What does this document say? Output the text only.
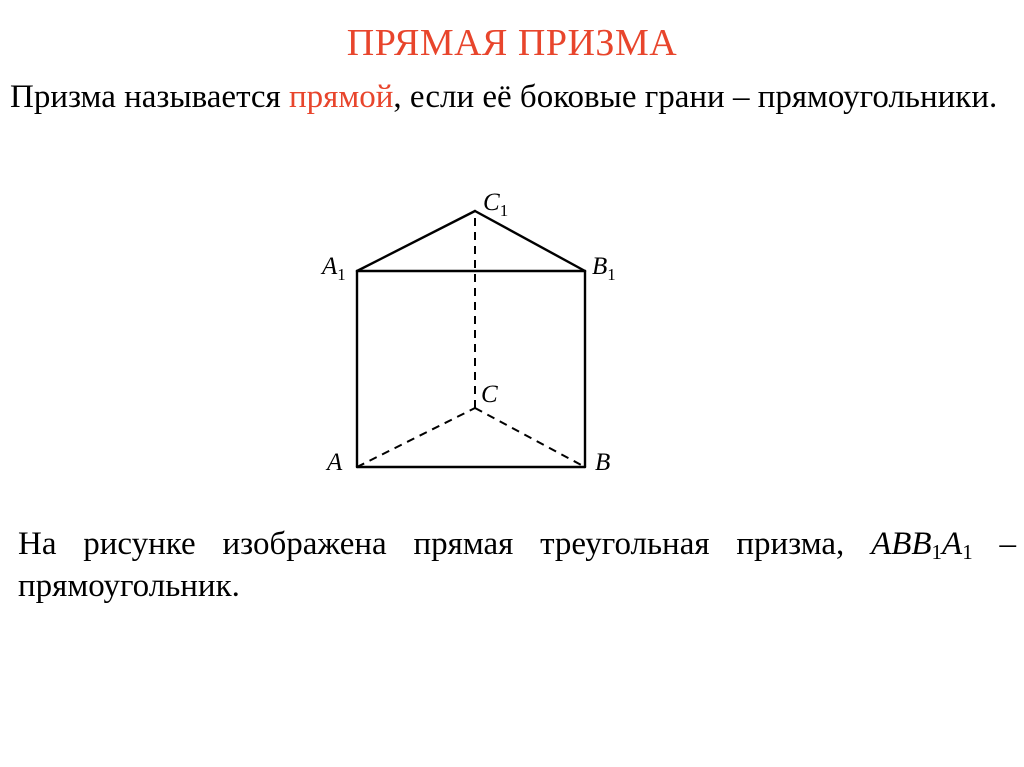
ПРЯМАЯ ПРИЗМА
Призма называется прямой, если её боковые грани – прямоугольники.
A	B
C
$A_1$	$B_1$
$C_1$
На рисунке изображена прямая треугольная призма, $ABB_1A_1$ – прямоугольник.
